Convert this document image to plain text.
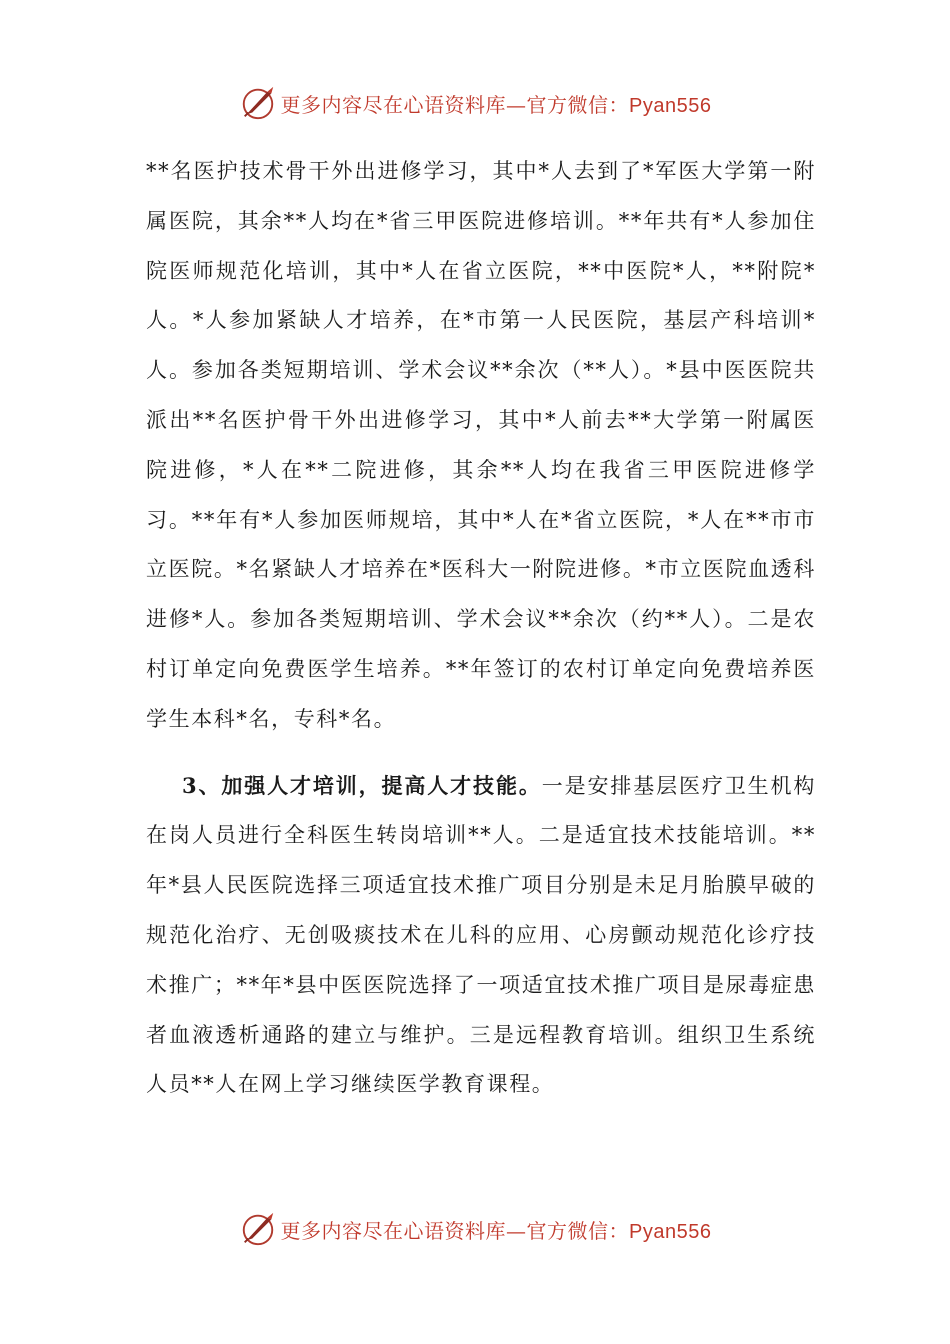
更多内容尽在心语资料库—官方微信：Pyan556

**名医护技术骨干外出进修学习，其中*人去到了*军医大学第一附属医院，其余**人均在*省三甲医院进修培训。**年共有*人参加住院医师规范化培训，其中*人在省立医院，**中医院*人，**附院*人。*人参加紧缺人才培养，在*市第一人民医院，基层产科培训*人。参加各类短期培训、学术会议**余次（**人）。*县中医医院共派出**名医护骨干外出进修学习，其中*人前去**大学第一附属医院进修，*人在**二院进修，其余**人均在我省三甲医院进修学习。**年有*人参加医师规培，其中*人在*省立医院，*人在**市市立医院。*名紧缺人才培养在*医科大一附院进修。*市立医院血透科进修*人。参加各类短期培训、学术会议**余次（约**人）。二是农村订单定向免费医学生培养。**年签订的农村订单定向免费培养医学生本科*名，专科*名。

3、加强人才培训，提高人才技能。一是安排基层医疗卫生机构在岗人员进行全科医生转岗培训**人。二是适宜技术技能培训。**年*县人民医院选择三项适宜技术推广项目分别是未足月胎膜早破的规范化治疗、无创吸痰技术在儿科的应用、心房颤动规范化诊疗技术推广；**年*县中医医院选择了一项适宜技术推广项目是尿毒症患者血液透析通路的建立与维护。三是远程教育培训。组织卫生系统人员**人在网上学习继续医学教育课程。

更多内容尽在心语资料库—官方微信：Pyan556
